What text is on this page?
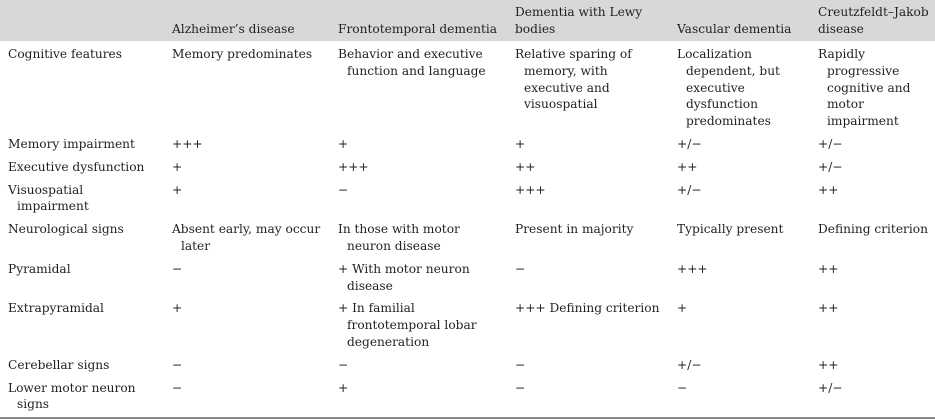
	Alzheimer’s disease	Frontotemporal dementia	Dementia with Lewy bodies	Vascular dementia	Creutzfeldt–Jakob disease
Cognitive features	Memory predominates	Behavior and executive function and language	Relative sparing of memory, with executive and visuospatial	Localization dependent, but executive dysfunction predominates	Rapidly progressive cognitive and motor impairment

Memory impairment	+++	+	+	+/−	+/−
Executive dysfunction	+	+++	++	++	+/−

Visuospatial impairment	+	−	+++	+/−	++
Neurological signs	Absent early, may occur later	In those with motor neuron disease	Present in majority	Typically present	Defining criterion
Pyramidal	−	+ With motor neuron disease	−	+++	++
Extrapyramidal	+	+ In familial frontotemporal lobar degeneration	+++ Defining criterion	+	++
Cerebellar signs	−	−	−	+/−	++

Lower motor neuron signs	−	+	−	−	+/−
